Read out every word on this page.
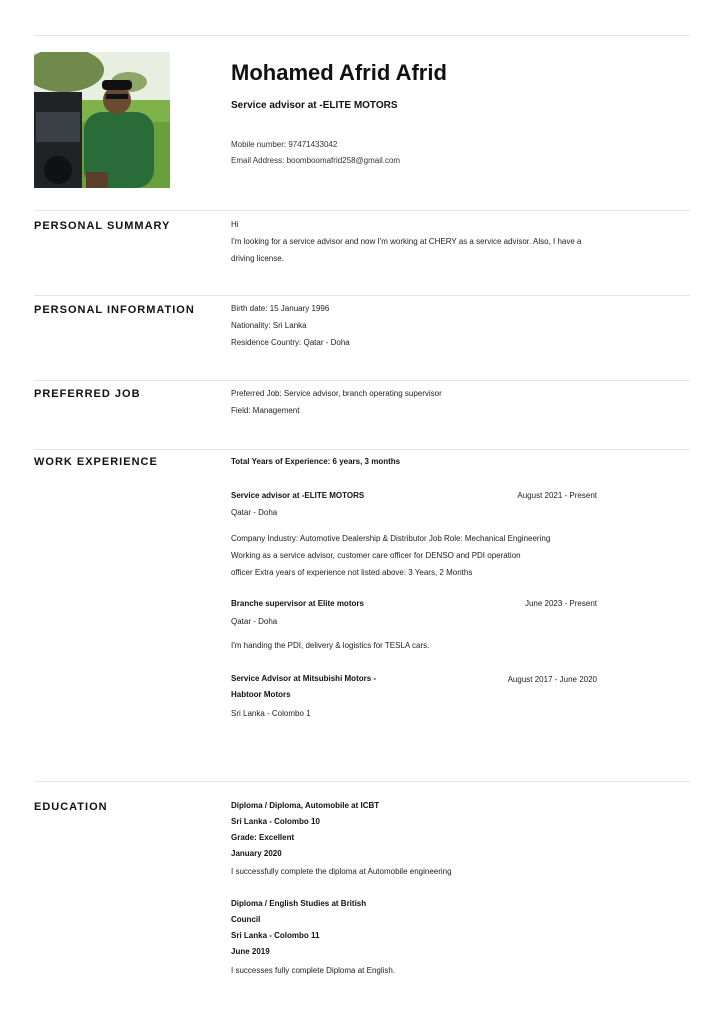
Mohamed Afrid Afrid
Service advisor at -ELITE MOTORS
Mobile number: 97471433042
Email Address: boomboomafrid258@gmail.com
PERSONAL SUMMARY	Hi
I'm looking for a service advisor and now I'm working at CHERY as a service advisor. Also, I have a driving license.
PERSONAL INFORMATION	Birth date: 15 January 1996
Nationality: Sri Lanka
Residence Country: Qatar - Doha
PREFERRED JOB	Preferred Job: Service advisor, branch operating supervisor
Field: Management
WORK EXPERIENCE	Total Years of Experience: 6 years, 3 months
Service advisor at -ELITE MOTORS	August 2021 - Present
Qatar - Doha
Company Industry: Automotive Dealership & Distributor Job Role: Mechanical Engineering
Working as a service advisor, customer care officer for DENSO and PDI operation
officer Extra years of experience not listed above: 3 Years, 2 Months
Branche supervisor at Elite motors	June 2023 - Present
Qatar - Doha
I'm handing the PDI, delivery & logistics for TESLA cars.
Service Advisor at Mitsubishi Motors -
Habtoor Motors
August 2017 - June 2020
Sri Lanka - Colombo 1
EDUCATION	Diploma / Diploma, Automobile at ICBT
Sri Lanka - Colombo 10
Grade: Excellent
January 2020
I successfully complete the diploma at Automobile engineering
Diploma / English Studies at British
Council
Sri Lanka - Colombo 11
June 2019
I successes fully complete Diploma at English.
